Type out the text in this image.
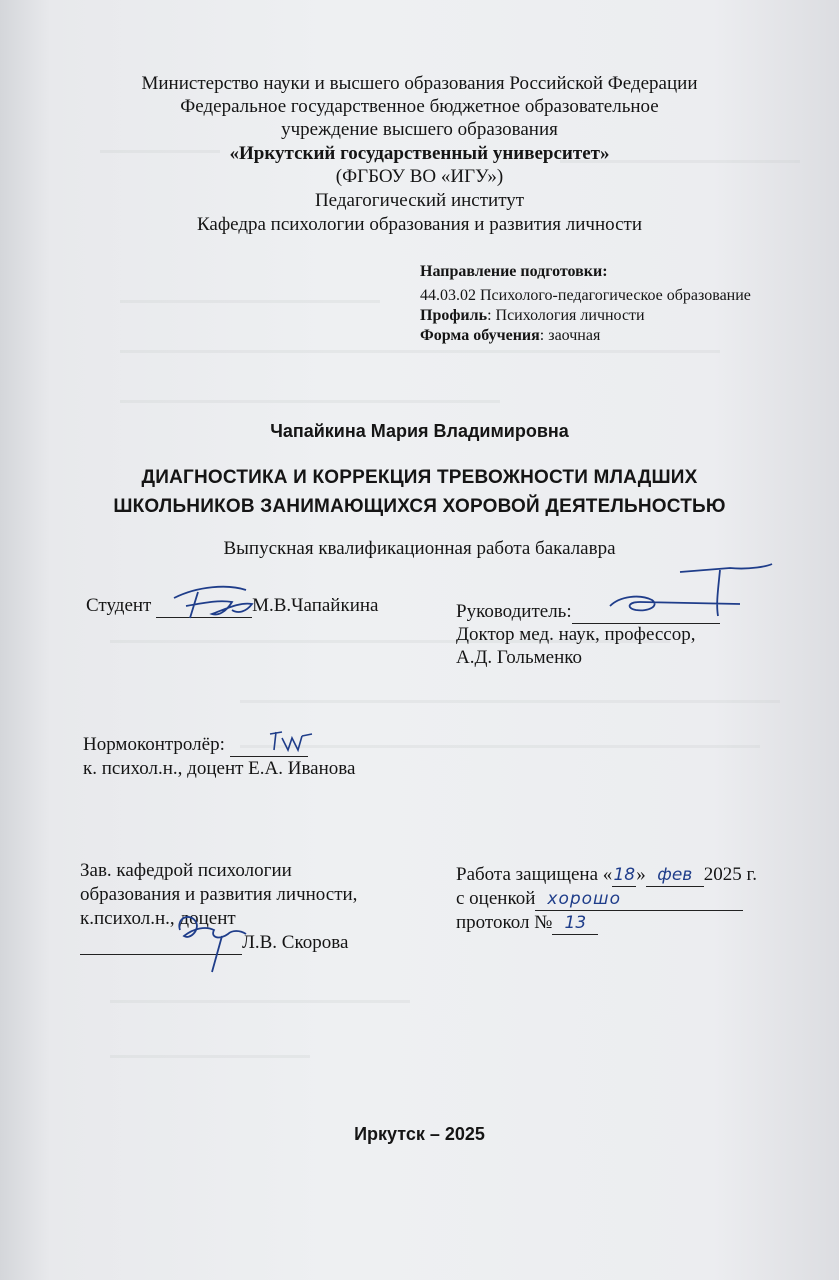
Министерство науки и высшего образования Российской Федерации
Федеральное государственное бюджетное образовательное
учреждение высшего образования
«Иркутский государственный университет»
(ФГБОУ ВО «ИГУ»)
Педагогический институт
Кафедра психологии образования и развития личности
Направление подготовки:
44.03.02 Психолого-педагогическое образование
Профиль: Психология личности
Форма обучения: заочная
Чапайкина Мария Владимировна
ДИАГНОСТИКА И КОРРЕКЦИЯ ТРЕВОЖНОСТИ МЛАДШИХ
ШКОЛЬНИКОВ ЗАНИМАЮЩИХСЯ ХОРОВОЙ ДЕЯТЕЛЬНОСТЬЮ
Выпускная квалификационная работа бакалавра
Студент	М.В.Чапайкина	Руководитель:
Доктор мед. наук, профессор,
А.Д. Гольменко
Нормоконтролёр:
к. психол.н., доцент Е.А. Иванова
Зав. кафедрой психологии
образования и развития личности,
к.психол.н., доцент
Л.В. Скорова
Работа защищена «18» фев 2025 г.
с оценкой хорошо
протокол № 13
Иркутск – 2025
